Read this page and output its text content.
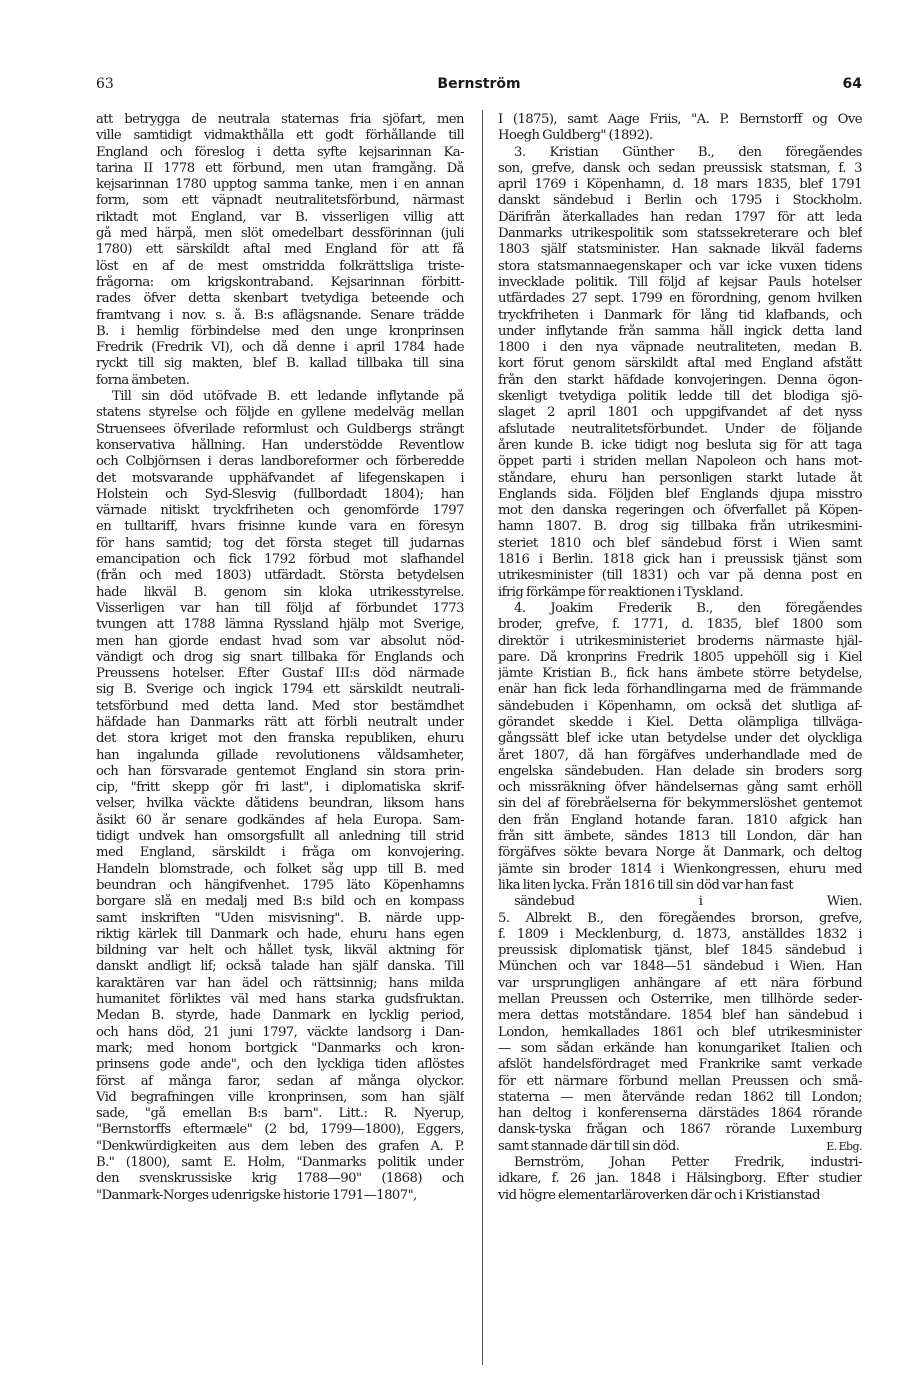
63	Bernström	64
att betrygga de neutrala staternas fria sjöfart, men
ville samtidigt vidmakthålla ett godt förhållande till
England och föreslog i detta syfte kejsarinnan Ka-
tarina II 1778 ett förbund, men utan framgång. Då
kejsarinnan 1780 upptog samma tanke, men i en annan
form, som ett väpnadt neutralitetsförbund, närmast
riktadt mot England, var B. visserligen villig att
gå med härpå, men slöt omedelbart dessförinnan (juli
1780) ett särskildt aftal med England för att få
löst en af de mest omstridda folkrättsliga triste-
frågorna: om krigskontraband. Kejsarinnan förbitt-
rades öfver detta skenbart tvetydiga beteende och
framtvang i nov. s. å. B:s aflägsnande. Senare trädde
B. i hemlig förbindelse med den unge kronprinsen
Fredrik (Fredrik VI), och då denne i april 1784 hade
ryckt till sig makten, blef B. kallad tillbaka till sina
forna ämbeten.
Till sin död utöfvade B. ett ledande inflytande på
statens styrelse och följde en gyllene medelväg mellan
Struensees öfverilade reformlust och Guldbergs strängt
konservativa hållning. Han understödde Reventlow
och Colbjörnsen i deras landboreformer och förberedde
det motsvarande upphäfvandet af lifegenskapen i
Holstein och Syd-Slesvig (fullbordadt 1804); han
värnade nitiskt tryckfriheten och genomförde 1797
en tulltariff, hvars frisinne kunde vara en föresyn
för hans samtid; tog det första steget till judarnas
emancipation och fick 1792 förbud mot slafhandel
(från och med 1803) utfärdadt. Största betydelsen
hade likväl B. genom sin kloka utrikesstyrelse.
Visserligen var han till följd af förbundet 1773
tvungen att 1788 lämna Ryssland hjälp mot Sverige,
men han gjorde endast hvad som var absolut nöd-
vändigt och drog sig snart tillbaka för Englands och
Preussens hotelser. Efter Gustaf III:s död närmade
sig B. Sverige och ingick 1794 ett särskildt neutrali-
tetsförbund med detta land. Med stor bestämdhet
häfdade han Danmarks rätt att förbli neutralt under
det stora kriget mot den franska republiken, ehuru
han ingalunda gillade revolutionens våldsamheter,
och han försvarade gentemot England sin stora prin-
cip, "fritt skepp gör fri last", i diplomatiska skrif-
velser, hvilka väckte dåtidens beundran, liksom hans
åsikt 60 år senare godkändes af hela Europa. Sam-
tidigt undvek han omsorgsfullt all anledning till strid
med England, särskildt i fråga om konvojering.
Handeln blomstrade, och folket såg upp till B. med
beundran och hängifvenhet. 1795 läto Köpenhamns
borgare slå en medalj med B:s bild och en kompass
samt inskriften "Uden misvisning". B. närde upp-
riktig kärlek till Danmark och hade, ehuru hans egen
bildning var helt och hållet tysk, likväl aktning för
danskt andligt lif; också talade han själf danska. Till
karaktären var han ädel och rättsinnig; hans milda
humanitet förliktes väl med hans starka gudsfruktan.
Medan B. styrde, hade Danmark en lycklig period,
och hans död, 21 juni 1797, väckte landsorg i Dan-
mark; med honom bortgick "Danmarks och kron-
prinsens gode ande", och den lyckliga tiden aflöstes
först af många faror, sedan af många olyckor.
Vid begrafningen ville kronprinsen, som han själf
sade, "gå emellan B:s barn". Litt.: R. Nyerup,
"Bernstorffs eftermæle" (2 bd, 1799—1800), Eggers,
"Denkwürdigkeiten aus dem leben des grafen A. P.
B." (1800), samt E. Holm, "Danmarks politik under
den svenskrussiske krig 1788—90" (1868) och
"Danmark-Norges udenrigske historie 1791—1807",
I (1875), samt Aage Friis, "A. P. Bernstorff og Ove
Hoegh Guldberg" (1892).
3. Kristian Günther B., den föregåendes
son, grefve, dansk och sedan preussisk statsman, f. 3
april 1769 i Köpenhamn, d. 18 mars 1835, blef 1791
danskt sändebud i Berlin och 1795 i Stockholm.
Därifrån återkallades han redan 1797 för att leda
Danmarks utrikespolitik som statssekreterare och blef
1803 själf statsminister. Han saknade likväl faderns
stora statsmannaegenskaper och var icke vuxen tidens
invecklade politik. Till följd af kejsar Pauls hotelser
utfärdades 27 sept. 1799 en förordning, genom hvilken
tryckfriheten i Danmark för lång tid klafbands, och
under inflytande från samma håll ingick detta land
1800 i den nya väpnade neutraliteten, medan B.
kort förut genom särskildt aftal med England afstått
från den starkt häfdade konvojeringen. Denna ögon-
skenligt tvetydiga politik ledde till det blodiga sjö-
slaget 2 april 1801 och uppgifvandet af det nyss
afslutade neutralitetsförbundet. Under de följande
åren kunde B. icke tidigt nog besluta sig för att taga
öppet parti i striden mellan Napoleon och hans mot-
ståndare, ehuru han personligen starkt lutade åt
Englands sida. Följden blef Englands djupa misstro
mot den danska regeringen och öfverfallet på Köpen-
hamn 1807. B. drog sig tillbaka från utrikesmini-
steriet 1810 och blef sändebud först i Wien samt
1816 i Berlin. 1818 gick han i preussisk tjänst som
utrikesminister (till 1831) och var på denna post en
ifrig förkämpe för reaktionen i Tyskland.
4. Joakim Frederik B., den föregåendes
broder, grefve, f. 1771, d. 1835, blef 1800 som
direktör i utrikesministeriet broderns närmaste hjäl-
pare. Då kronprins Fredrik 1805 uppehöll sig i Kiel
jämte Kristian B., fick hans ämbete större betydelse,
enär han fick leda förhandlingarna med de främmande
sändebuden i Köpenhamn, om också det slutliga af-
görandet skedde i Kiel. Detta olämpliga tillväga-
gångssätt blef icke utan betydelse under det olyckliga
året 1807, då han förgäfves underhandlade med de
engelska sändebuden. Han delade sin broders sorg
och missräkning öfver händelsernas gång samt erhöll
sin del af förebråelserna för bekymmerslöshet gentemot
den från England hotande faran. 1810 afgick han
från sitt ämbete, sändes 1813 till London, där han
förgäfves sökte bevara Norge åt Danmark, och deltog
jämte sin broder 1814 i Wienkongressen, ehuru med
lika liten lycka. Från 1816 till sin död var han fast
sändebud i Wien.
5. Albrekt B., den föregåendes brorson, grefve,
f. 1809 i Mecklenburg, d. 1873, anställdes 1832 i
preussisk diplomatisk tjänst, blef 1845 sändebud i
München och var 1848—51 sändebud i Wien. Han
var ursprungligen anhängare af ett nära förbund
mellan Preussen och Österrike, men tillhörde seder-
mera dettas motståndare. 1854 blef han sändebud i
London, hemkallades 1861 och blef utrikesminister
— som sådan erkände han konungariket Italien och
afslöt handelsfördraget med Frankrike samt verkade
för ett närmare förbund mellan Preussen och små-
staterna — men återvände redan 1862 till London;
han deltog i konferenserna därstädes 1864 rörande
dansk-tyska frågan och 1867 rörande Luxemburg
samt stannade där till sin död.	E. Ebg.
Bernström, Johan Petter Fredrik, industri-
idkare, f. 26 jan. 1848 i Hälsingborg. Efter studier
vid högre elementarläroverken där och i Kristianstad
